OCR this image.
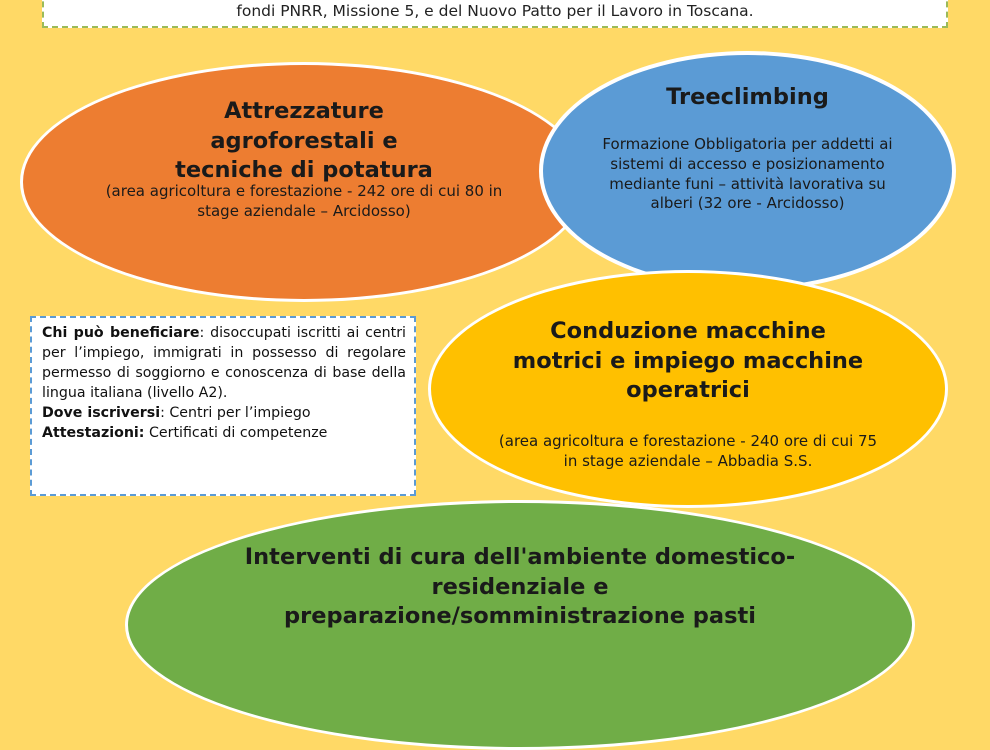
fondi PNRR, Missione 5, e del Nuovo Patto per il Lavoro in Toscana.
Attrezzature agroforestali e tecniche di potatura
(area agricoltura e forestazione - 242 ore di cui 80 in stage aziendale – Arcidosso)
Treeclimbing
Formazione Obbligatoria per addetti ai sistemi di accesso e posizionamento mediante funi – attività lavorativa su alberi (32 ore - Arcidosso)
Conduzione macchine motrici e impiego macchine operatrici
(area agricoltura e forestazione - 240 ore di cui 75 in stage aziendale – Abbadia S.S.
Interventi di cura dell'ambiente domestico-residenziale e preparazione/somministrazione pasti

Chi può beneficiare: disoccupati iscritti ai centri per l’impiego, immigrati in possesso di regolare permesso di soggiorno e conoscenza di base della lingua italiana (livello A2).

Dove iscriversi: Centri per l’impiego

Attestazioni: Certificati di competenze
